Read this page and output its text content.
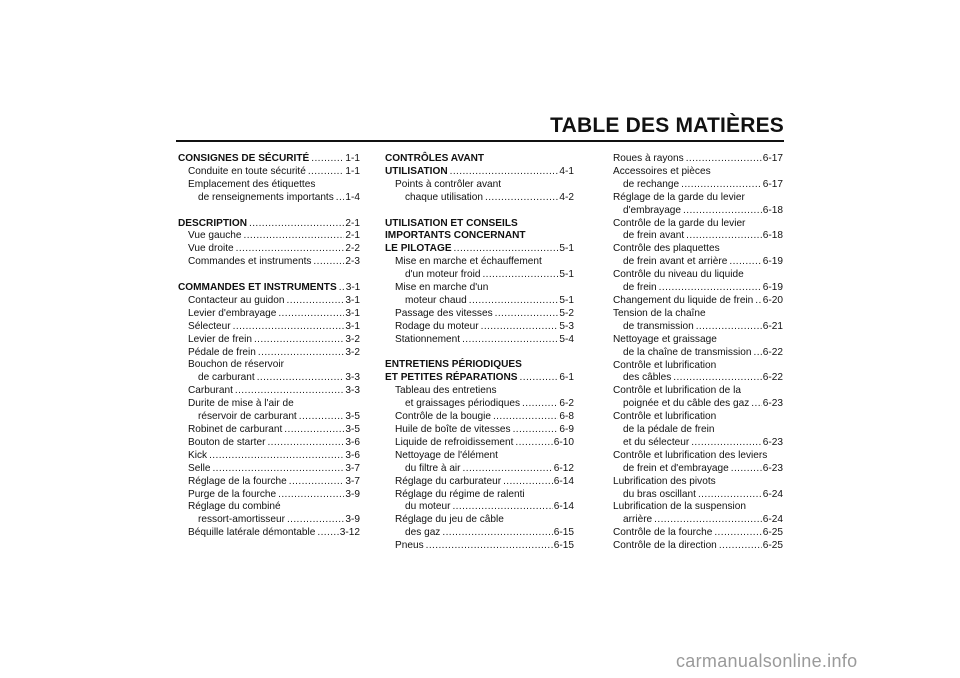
TABLE DES MATIÈRES
CONSIGNES DE SÉCURITÉ .....	1-1
Conduite en toute sécurité .....	1-1
Emplacement des étiquettes
de renseignements importants ..... 1-4
DESCRIPTION .....	2-1
Vue gauche .....	2-1
Vue droite .....	2-2
Commandes et instruments .....	2-3
COMMANDES ET INSTRUMENTS ..... 3-1
Contacteur au guidon .....	3-1
Levier d'embrayage .....	3-1
Sélecteur .....	3-1
Levier de frein .....	3-2
Pédale de frein .....	3-2
Bouchon de réservoir
de carburant .....	3-3
Carburant .....	3-3
Durite de mise à l'air de
réservoir de carburant .....	3-5
Robinet de carburant .....	3-5
Bouton de starter .....	3-6
Kick .....	3-6
Selle .....	3-7
Réglage de la fourche .....	3-7
Purge de la fourche .....	3-9
Réglage du combiné
ressort-amortisseur .....	3-9
Béquille latérale démontable ..... 3-12
CONTRÔLES AVANT
UTILISATION .....	4-1
Points à contrôler avant
chaque utilisation .....	4-2
UTILISATION ET CONSEILS
IMPORTANTS CONCERNANT
LE PILOTAGE .....	5-1
Mise en marche et échauffement
d'un moteur froid .....	5-1
Mise en marche d'un
moteur chaud .....	5-1
Passage des vitesses .....	5-2
Rodage du moteur .....	5-3
Stationnement .....	5-4
ENTRETIENS PÉRIODIQUES
ET PETITES RÉPARATIONS .....	6-1
Tableau des entretiens
et graissages périodiques .....	6-2
Contrôle de la bougie .....	6-8
Huile de boîte de vitesses .....	6-9
Liquide de refroidissement .....	6-10
Nettoyage de l'élément
du filtre à air .....	6-12
Réglage du carburateur .....	6-14
Réglage du régime de ralenti
du moteur .....	6-14
Réglage du jeu de câble
des gaz .....	6-15
Pneus .....	6-15
Roues à rayons .....	6-17
Accessoires et pièces
de rechange .....	6-17
Réglage de la garde du levier
d'embrayage .....	6-18
Contrôle de la garde du levier
de frein avant .....	6-18
Contrôle des plaquettes
de frein avant et arrière .....	6-19
Contrôle du niveau du liquide
de frein .....	6-19
Changement du liquide de frein ..... 6-20
Tension de la chaîne
de transmission .....	6-21
Nettoyage et graissage
de la chaîne de transmission ..... 6-22
Contrôle et lubrification
des câbles .....	6-22
Contrôle et lubrification de la
poignée et du câble des gaz ..... 6-23
Contrôle et lubrification
de la pédale de frein
et du sélecteur .....	6-23
Contrôle et lubrification des leviers
de frein et d'embrayage .....	6-23
Lubrification des pivots
du bras oscillant .....	6-24
Lubrification de la suspension
arrière .....	6-24
Contrôle de la fourche .....	6-25
Contrôle de la direction .....	6-25
carmanualsonline.info
